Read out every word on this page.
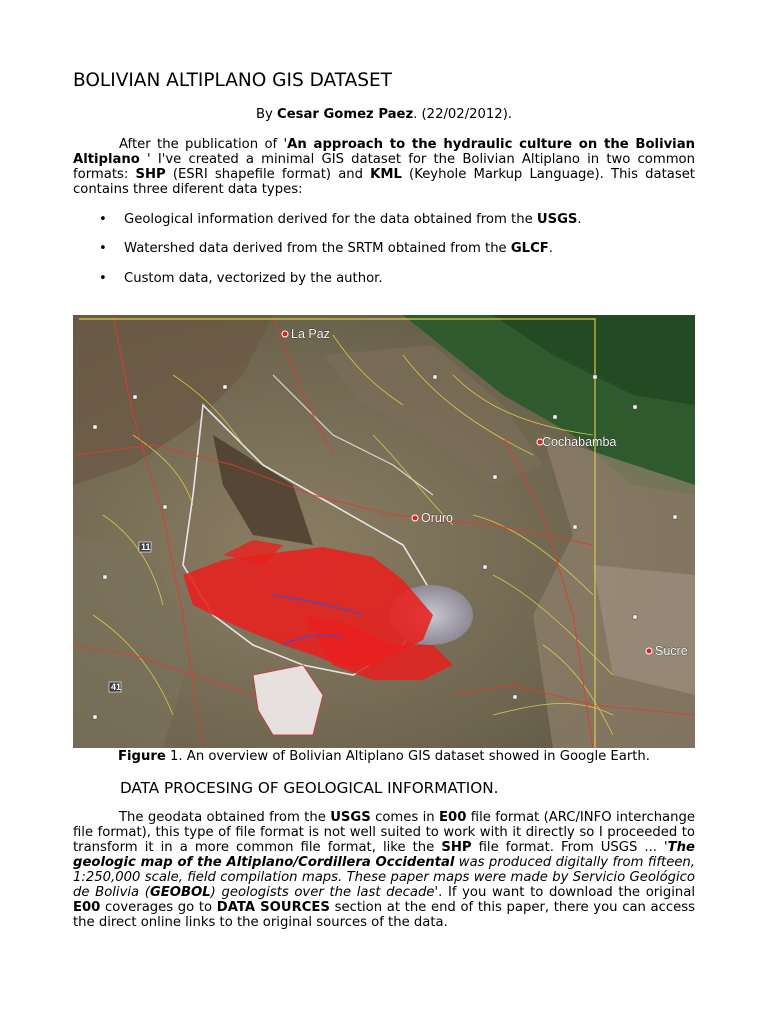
BOLIVIAN ALTIPLANO GIS DATASET
By Cesar Gomez Paez. (22/02/2012).
After the publication of 'An approach to the hydraulic culture on the Bolivian Altiplano ' I've created a minimal GIS dataset for the Bolivian Altiplano in two common formats: SHP (ESRI shapefile format) and KML (Keyhole Markup Language). This dataset contains three diferent data types:
• Geological information derived for the data obtained from the USGS.
• Watershed data derived from the SRTM obtained from the GLCF.
• Custom data, vectorized by the author.
La Paz
Cochabamba
Oruro
Sucre
11
41
Figure 1. An overview of Bolivian Altiplano GIS dataset showed in Google Earth.
DATA PROCESING OF GEOLOGICAL INFORMATION.
The geodata obtained from the USGS comes in E00 file format (ARC/INFO interchange file format), this type of file format is not well suited to work with it directly so I proceeded to transform it in a more common file format, like the SHP file format. From USGS ... 'The geologic map of the Altiplano/Cordillera Occidental was produced digitally from fifteen, 1:250,000 scale, field compilation maps. These paper maps were made by Servicio Geológico de Bolivia (GEOBOL) geologists over the last decade'. If you want to download the original E00 coverages go to DATA SOURCES section at the end of this paper, there you can access the direct online links to the original sources of the data.
